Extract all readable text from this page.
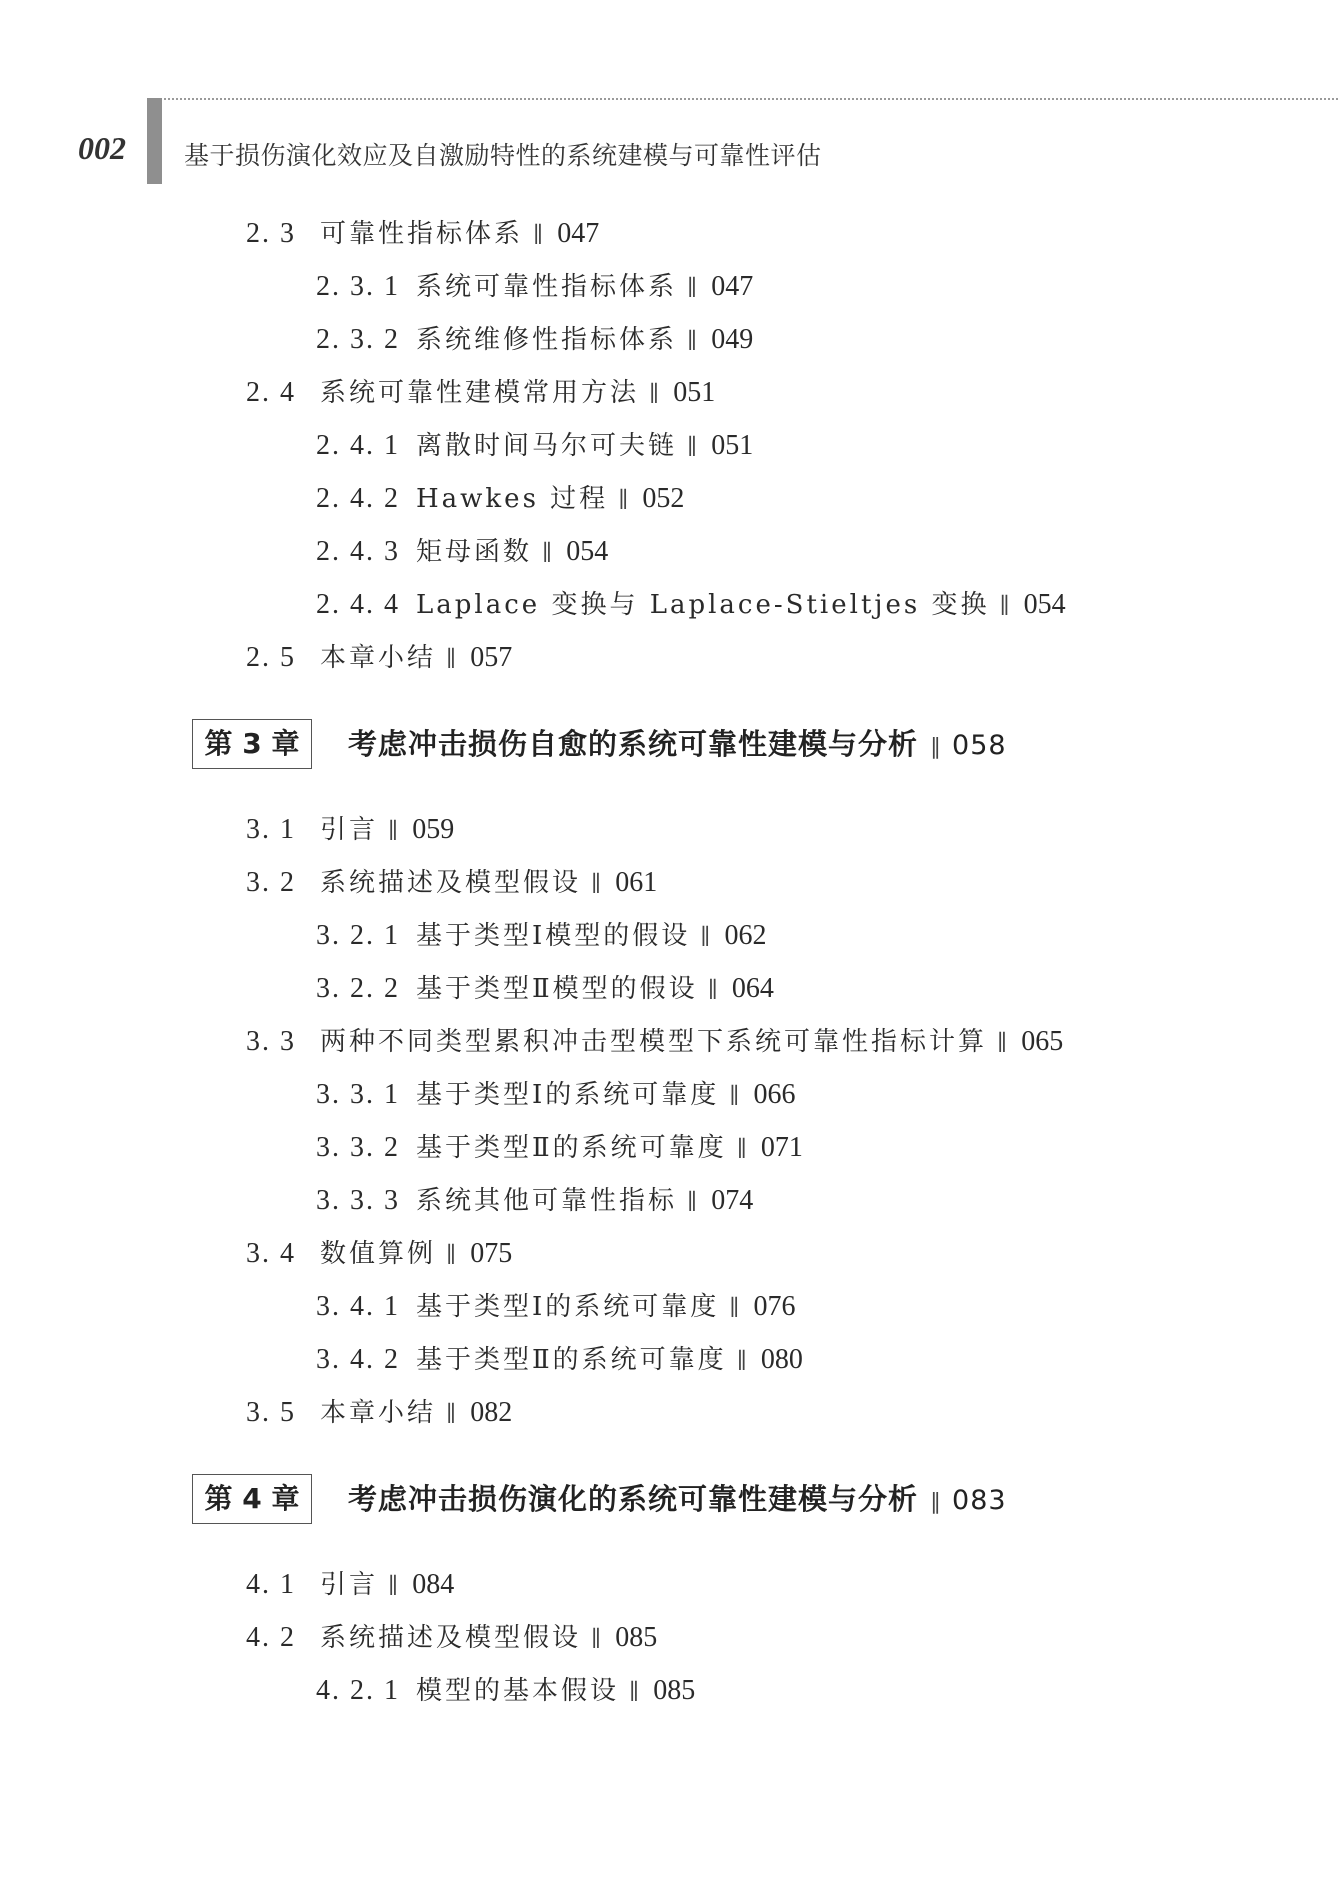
002 基于损伤演化效应及自激励特性的系统建模与可靠性评估
2. 3 可靠性指标体系 ∥ 047
2. 3. 1 系统可靠性指标体系 ∥ 047
2. 3. 2 系统维修性指标体系 ∥ 049
2. 4 系统可靠性建模常用方法 ∥ 051
2. 4. 1 离散时间马尔可夫链 ∥ 051
2. 4. 2 Hawkes 过程 ∥ 052
2. 4. 3 矩母函数 ∥ 054
2. 4. 4 Laplace 变换与 Laplace-Stieltjes 变换 ∥ 054
2. 5 本章小结 ∥ 057
第 3 章	考虑冲击损伤自愈的系统可靠性建模与分析 ∥ 058
3. 1 引言 ∥ 059
3. 2 系统描述及模型假设 ∥ 061
3. 2. 1 基于类型Ⅰ模型的假设 ∥ 062
3. 2. 2 基于类型Ⅱ模型的假设 ∥ 064
3. 3 两种不同类型累积冲击型模型下系统可靠性指标计算 ∥ 065
3. 3. 1 基于类型Ⅰ的系统可靠度 ∥ 066
3. 3. 2 基于类型Ⅱ的系统可靠度 ∥ 071
3. 3. 3 系统其他可靠性指标 ∥ 074
3. 4 数值算例 ∥ 075
3. 4. 1 基于类型Ⅰ的系统可靠度 ∥ 076
3. 4. 2 基于类型Ⅱ的系统可靠度 ∥ 080
3. 5 本章小结 ∥ 082
第 4 章	考虑冲击损伤演化的系统可靠性建模与分析 ∥ 083
4. 1 引言 ∥ 084
4. 2 系统描述及模型假设 ∥ 085
4. 2. 1 模型的基本假设 ∥ 085
